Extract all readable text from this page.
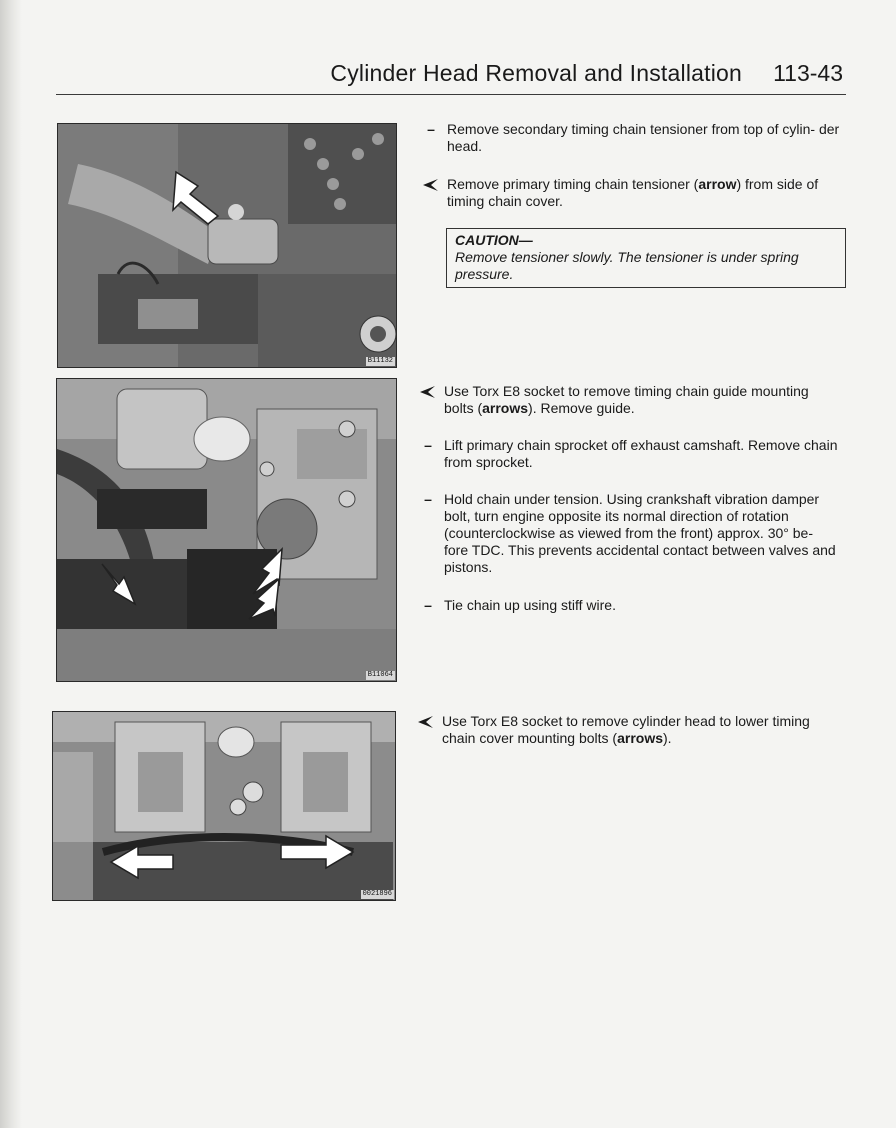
Cylinder Head Removal and Installation 113-43
B11132
B11064
0021896
– Remove secondary timing chain tensioner from top of cylin- der head.
Remove primary timing chain tensioner (arrow) from side of timing chain cover.
CAUTION—
Remove tensioner slowly. The tensioner is under spring pressure.
Use Torx E8 socket to remove timing chain guide mounting bolts (arrows). Remove guide.
– Lift primary chain sprocket off exhaust camshaft. Remove chain from sprocket.
– Hold chain under tension. Using crankshaft vibration damper bolt, turn engine opposite its normal direction of rotation (counterclockwise as viewed from the front) approx. 30° be- fore TDC. This prevents accidental contact between valves and pistons.
– Tie chain up using stiff wire.
Use Torx E8 socket to remove cylinder head to lower timing chain cover mounting bolts (arrows).
